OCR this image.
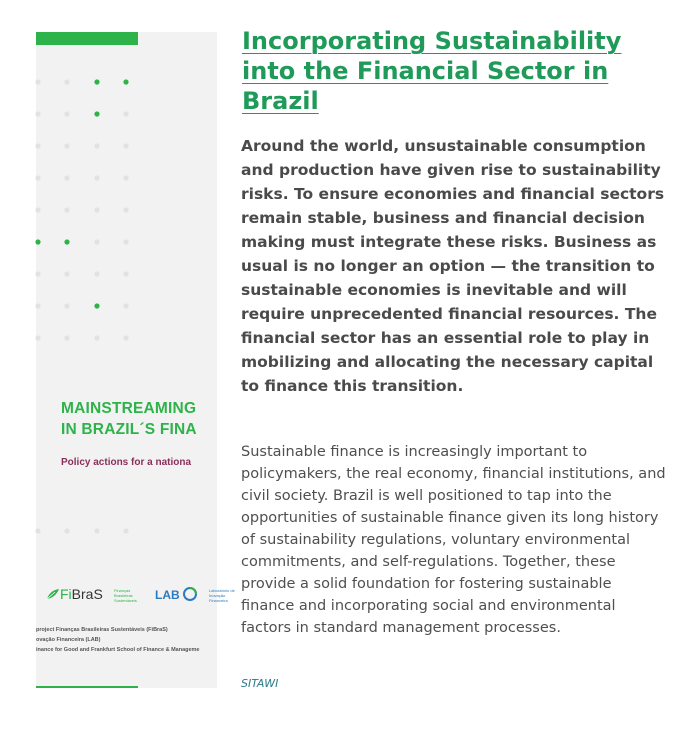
MAINSTREAMING
IN BRAZIL´S FINA
Policy actions for a nationa
FiBraS	Finanças Brasileiras Sustentáveis	LAB	Laboratório de Inovação Financeira
project Finanças Brasileiras Sustentáveis (FiBraS)
ovação Financeira (LAB)
inance for Good and Frankfurt School of Finance & Manageme
Incorporating Sustainability into the Financial Sector in Brazil

Around the world, unsustainable consumption and production have given rise to sustainability risks. To ensure economies and financial sectors remain stable, business and financial decision making must integrate these risks. Business as usual is no longer an option — the transition to sustainable economies is inevitable and will require unprecedented financial resources. The financial sector has an essential role to play in mobilizing and allocating the necessary capital to finance this transition.

Sustainable finance is increasingly important to policymakers, the real economy, financial institutions, and civil society. Brazil is well positioned to tap into the opportunities of sustainable finance given its long history of sustainability regulations, voluntary environmental commitments, and self-regulations. Together, these provide a solid foundation for fostering sustainable finance and incorporating social and environmental factors in standard management processes.

SITAWI
